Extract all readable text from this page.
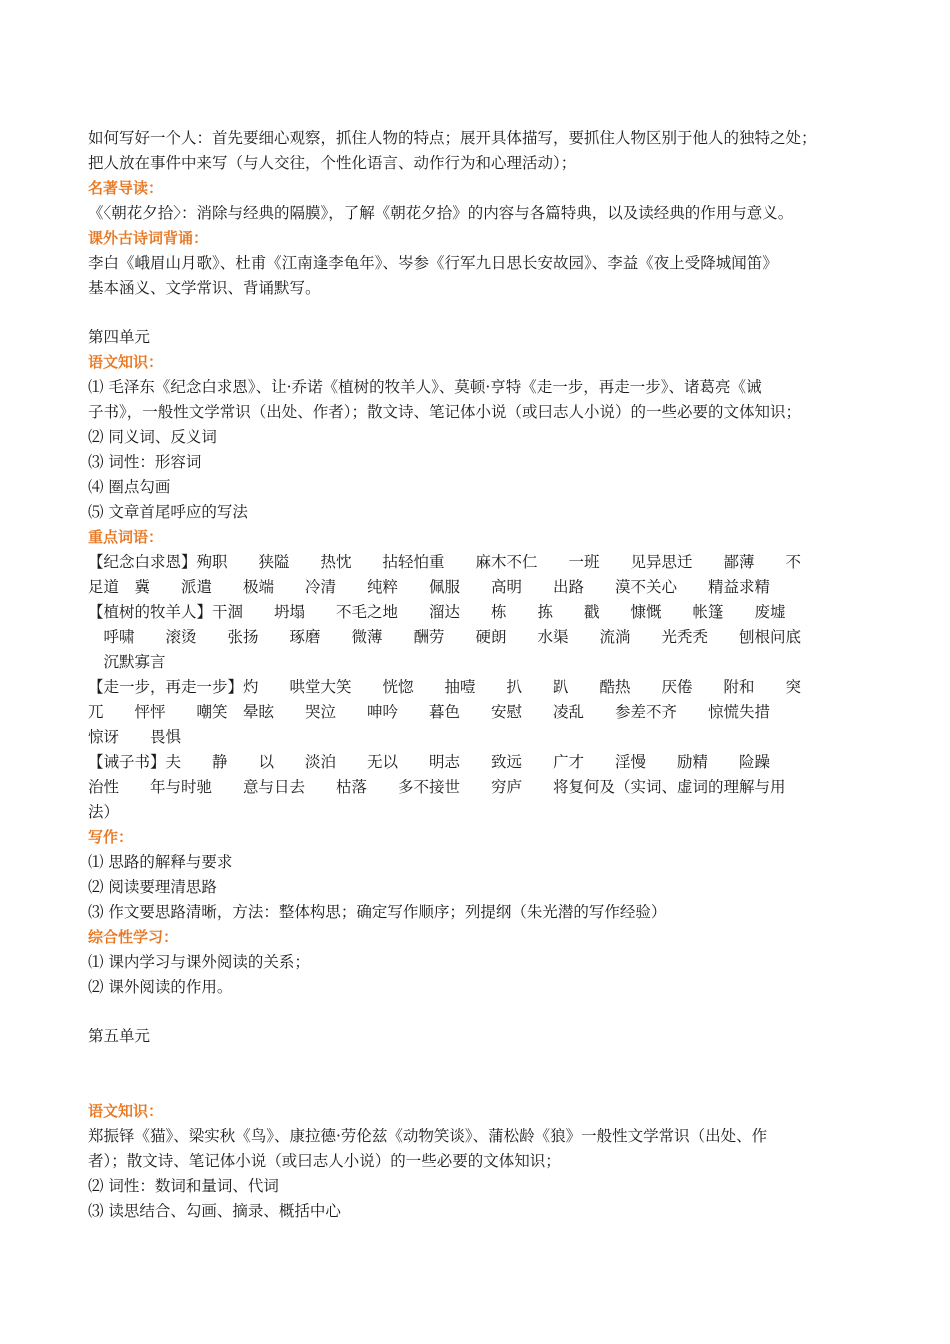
如何写好一个人：首先要细心观察，抓住人物的特点；展开具体描写，要抓住人物区别于他人的独特之处；
把人放在事件中来写（与人交往，个性化语言、动作行为和心理活动）；
名著导读：
《〈朝花夕拾〉：消除与经典的隔膜》，了解《朝花夕拾》的内容与各篇特典，以及读经典的作用与意义。
课外古诗词背诵：
李白《峨眉山月歌》、杜甫《江南逢李龟年》、岑参《行军九日思长安故园》、李益《夜上受降城闻笛》
基本涵义、文学常识、背诵默写。
第四单元
语文知识：
⑴ 毛泽东《纪念白求恩》、让·乔诺《植树的牧羊人》、莫顿·亨特《走一步，再走一步》、诸葛亮《诫
子书》，一般性文学常识（出处、作者）；散文诗、笔记体小说（或曰志人小说）的一些必要的文体知识；
⑵ 同义词、反义词
⑶ 词性：形容词
⑷ 圈点勾画
⑸ 文章首尾呼应的写法
重点词语：
【纪念白求恩】殉职　　狭隘　　热忱　　拈轻怕重　　麻木不仁　　一班　　见异思迁　　鄙薄　　不
足道　冀　　派遣　　极端　　冷清　　纯粹　　佩服　　高明　　出路　　漠不关心　　精益求精
【植树的牧羊人】干涸　　坍塌　　不毛之地　　溜达　　栋　　拣　　戳　　慷慨　　帐篷　　废墟
　呼啸　　滚烫　　张扬　　琢磨　　微薄　　酬劳　　硬朗　　水渠　　流淌　　光秃秃　　刨根问底
　沉默寡言
【走一步，再走一步】灼　　哄堂大笑　　恍惚　　抽噎　　扒　　趴　　酷热　　厌倦　　附和　　突
兀　　怦怦　　嘲笑　晕眩　　哭泣　　呻吟　　暮色　　安慰　　凌乱　　参差不齐　　惊慌失措
惊讶　　畏惧
【诫子书】夫　　静　　以　　淡泊　　无以　　明志　　致远　　广才　　淫慢　　励精　　险躁
治性　　年与时驰　　意与日去　　枯落　　多不接世　　穷庐　　将复何及（实词、虚词的理解与用
法）
写作：
⑴ 思路的解释与要求
⑵ 阅读要理清思路
⑶ 作文要思路清晰，方法：整体构思；确定写作顺序；列提纲（朱光潜的写作经验）
综合性学习：
⑴ 课内学习与课外阅读的关系；
⑵ 课外阅读的作用。
第五单元
语文知识：
郑振铎《猫》、梁实秋《鸟》、康拉德·劳伦兹《动物笑谈》、蒲松龄《狼》一般性文学常识（出处、作
者）；散文诗、笔记体小说（或曰志人小说）的一些必要的文体知识；
⑵ 词性：数词和量词、代词
⑶ 读思结合、勾画、摘录、概括中心
